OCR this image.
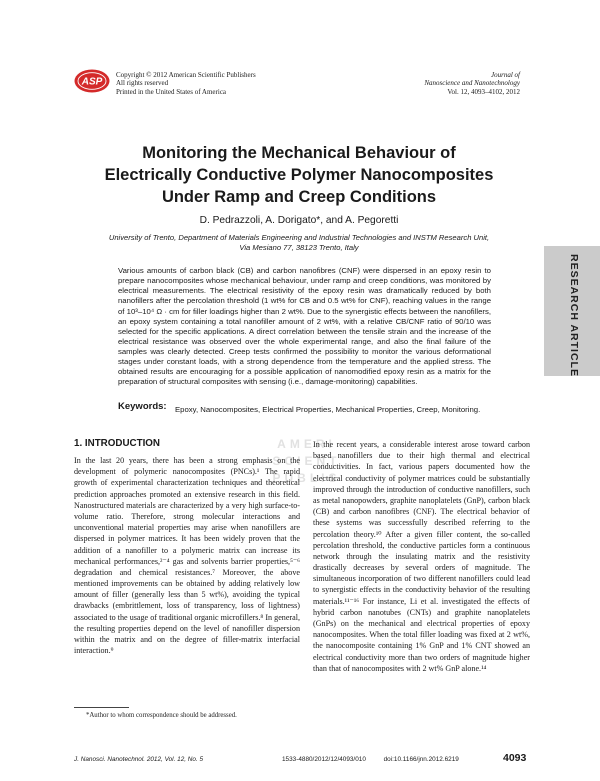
ASP
Copyright © 2012 American Scientific Publishers
All rights reserved
Printed in the United States of America
Journal of
Nanoscience and Nanotechnology
Vol. 12, 4093–4102, 2012
Monitoring the Mechanical Behaviour of
Electrically Conductive Polymer Nanocomposites
Under Ramp and Creep Conditions
D. Pedrazzoli, A. Dorigato*, and A. Pegoretti
University of Trento, Department of Materials Engineering and Industrial Technologies and INSTM Research Unit,
Via Mesiano 77, 38123 Trento, Italy
RESEARCH ARTICLE
Various amounts of carbon black (CB) and carbon nanofibres (CNF) were dispersed in an epoxy resin to prepare nanocomposites whose mechanical behaviour, under ramp and creep conditions, was monitored by electrical measurements. The electrical resistivity of the epoxy resin was dramatically reduced by both nanofillers after the percolation threshold (1 wt% for CB and 0.5 wt% for CNF), reaching values in the range of 10³–10⁴ Ω · cm for filler loadings higher than 2 wt%. Due to the synergistic effects between the nanofillers, an epoxy system containing a total nanofiller amount of 2 wt%, with a relative CB/CNF ratio of 90/10 was selected for the specific applications. A direct correlation between the tensile strain and the increase of the electrical resistance was observed over the whole experimental range, and also the final failure of the samples was clearly detected. Creep tests confirmed the possibility to monitor the various deformational stages under constant loads, with a strong dependence from the temperature and the applied stress. The obtained results are encouraging for a possible application of nanomodified epoxy resin as a matrix for the preparation of structural composites with sensing (i.e., damage-monitoring) capabilities.
Keywords: Epoxy, Nanocomposites, Electrical Properties, Mechanical Properties, Creep, Monitoring.
1. INTRODUCTION	AMERI
SCIENT
PUBLIS
In the last 20 years, there has been a strong emphasis on the development of polymeric nanocomposites (PNCs).¹ The rapid growth of experimental characterization techniques and theoretical prediction approaches promoted an extensive research in this field. Nanostructured materials are characterized by a very high surface-to-volume ratio. Therefore, strong molecular interactions and unconventional material properties may arise when nanofillers are dispersed in polymer matrices. It has been widely proven that the addition of a nanofiller to a polymeric matrix can increase its mechanical performances,²⁻⁴ gas and solvents barrier properties,⁵⁻⁶ degradation and chemical resistances.⁷ Moreover, the above mentioned improvements can be obtained by adding relatively low amount of filler (generally less than 5 wt%), avoiding the typical drawbacks (embrittlement, loss of transparency, loss of lightness) associated to the usage of traditional organic microfillers.⁸ In general, the resulting properties depend on the level of nanofiller dispersion within the matrix and on the degree of filler-matrix interfacial interaction.⁹
In the recent years, a considerable interest arose toward carbon based nanofillers due to their high thermal and electrical conductivities. In fact, various papers documented how the electrical conductivity of polymer matrices could be substantially improved through the introduction of conductive nanofillers, such as metal nanopowders, graphite nanoplatelets (GnP), carbon black (CB) and carbon nanofibres (CNF). The electrical behavior of these systems was successfully described referring to the percolation theory.¹⁰ After a given filler content, the so-called percolation threshold, the conductive particles form a continuous network through the insulating matrix and the resistivity drastically decreases by several orders of magnitude. The simultaneous incorporation of two different nanofillers could lead to synergistic effects in the conductivity behavior of the resulting materials.¹¹⁻¹⁶ For instance, Li et al. investigated the effects of hybrid carbon nanotubes (CNTs) and graphite nanoplatelets (GnPs) on the mechanical and electrical properties of epoxy nanocomposites. When the total filler loading was fixed at 2 wt%, the nanocomposite containing 1% GnP and 1% CNT showed an electrical conductivity more than two orders of magnitude higher than that of nanocomposites with 2 wt% GnP alone.¹⁴
*Author to whom correspondence should be addressed.
J. Nanosci. Nanotechnol. 2012, Vol. 12, No. 5	1533-4880/2012/12/4093/010          doi:10.1166/jnn.2012.6219	4093
